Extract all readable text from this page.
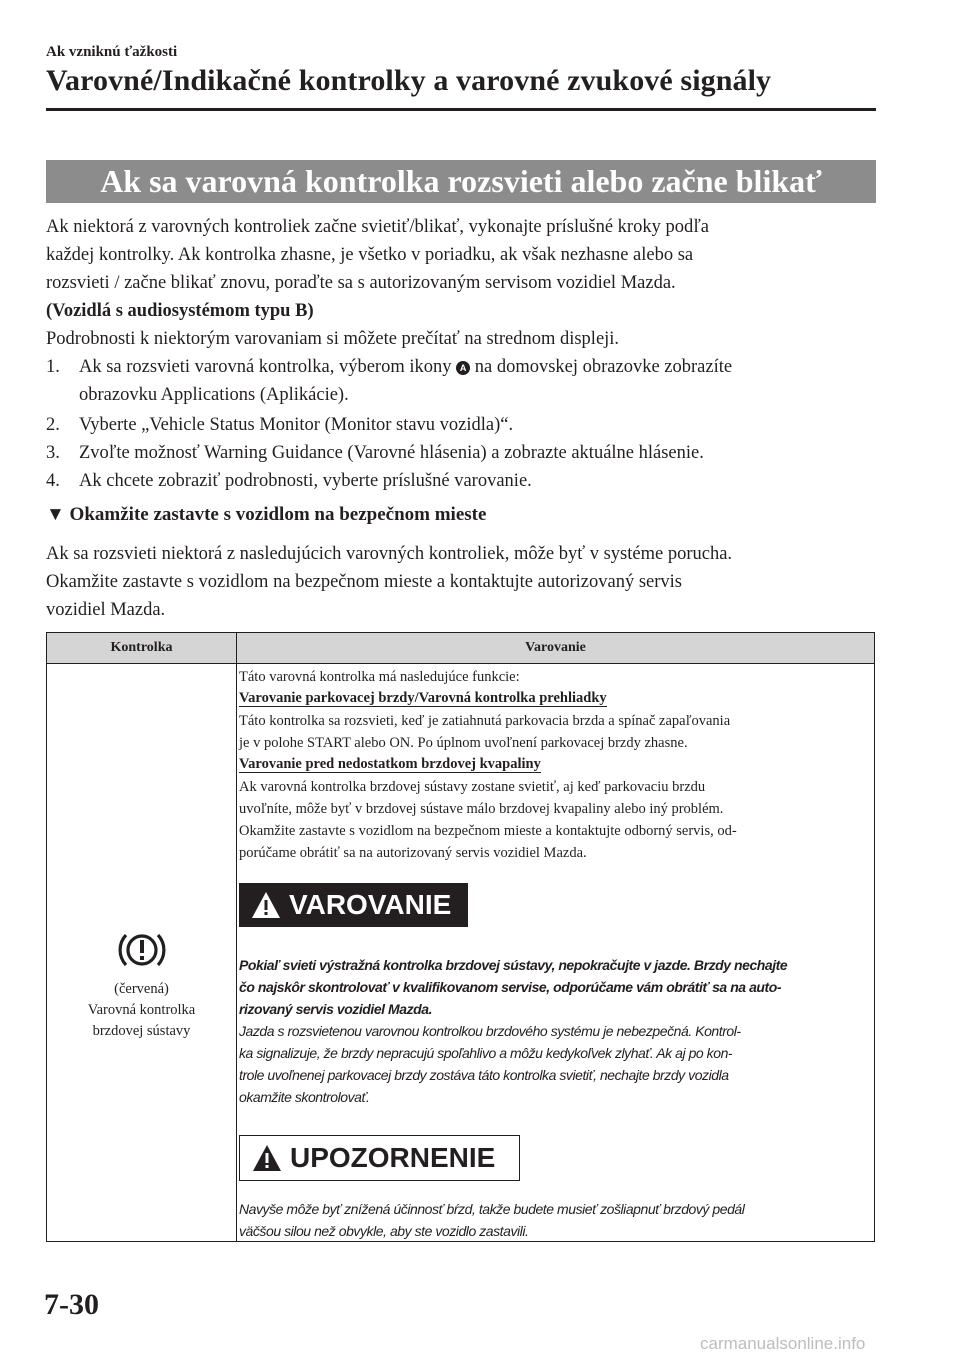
Ak vzniknú ťažkosti
Varovné/Indikačné kontrolky a varovné zvukové signály
Ak sa varovná kontrolka rozsvieti alebo začne blikať
Ak niektorá z varovných kontroliek začne svietiť/blikať, vykonajte príslušné kroky podľa
každej kontrolky. Ak kontrolka zhasne, je všetko v poriadku, ak však nezhasne alebo sa
rozsvieti / začne blikať znovu, poraďte sa s autorizovaným servisom vozidiel Mazda.
(Vozidlá s audiosystémom typu B)
Podrobnosti k niektorým varovaniam si môžete prečítať na strednom displeji.
1. Ak sa rozsvieti varovná kontrolka, výberom ikony A na domovskej obrazovke zobrazíte
obrazovku Applications (Aplikácie).
2. Vyberte „Vehicle Status Monitor (Monitor stavu vozidla)“.
3. Zvoľte možnosť Warning Guidance (Varovné hlásenia) a zobrazte aktuálne hlásenie.
4. Ak chcete zobraziť podrobnosti, vyberte príslušné varovanie.
▼ Okamžite zastavte s vozidlom na bezpečnom mieste
Ak sa rozsvieti niektorá z nasledujúcich varovných kontroliek, môže byť v systéme porucha.
Okamžite zastavte s vozidlom na bezpečnom mieste a kontaktujte autorizovaný servis
vozidiel Mazda.
Kontrolka	Varovanie
(červená)
Varovná kontrolka
brzdovej sústavy
Táto varovná kontrolka má nasledujúce funkcie:
Varovanie parkovacej brzdy/Varovná kontrolka prehliadky
Táto kontrolka sa rozsvieti, keď je zatiahnutá parkovacia brzda a spínač zapaľovania
je v polohe START alebo ON. Po úplnom uvoľnení parkovacej brzdy zhasne.
Varovanie pred nedostatkom brzdovej kvapaliny
Ak varovná kontrolka brzdovej sústavy zostane svietiť, aj keď parkovaciu brzdu
uvoľníte, môže byť v brzdovej sústave málo brzdovej kvapaliny alebo iný problém.
Okamžite zastavte s vozidlom na bezpečnom mieste a kontaktujte odborný servis, od-
porúčame obrátiť sa na autorizovaný servis vozidiel Mazda.
VAROVANIE
Pokiaľ svieti výstražná kontrolka brzdovej sústavy, nepokračujte v jazde. Brzdy nechajte
čo najskôr skontrolovať v kvalifikovanom servise, odporúčame vám obrátiť sa na auto-
rizovaný servis vozidiel Mazda.
Jazda s rozsvietenou varovnou kontrolkou brzdového systému je nebezpečná. Kontrol-
ka signalizuje, že brzdy nepracujú spoľahlivo a môžu kedykoľvek zlyhať. Ak aj po kon-
trole uvoľnenej parkovacej brzdy zostáva táto kontrolka svietiť, nechajte brzdy vozidla
okamžite skontrolovať.
UPOZORNENIE
Navyše môže byť znížená účinnosť bŕzd, takže budete musieť zošliapnuť brzdový pedál
väčšou silou než obvykle, aby ste vozidlo zastavili.
7-30
carmanualsonline.info
